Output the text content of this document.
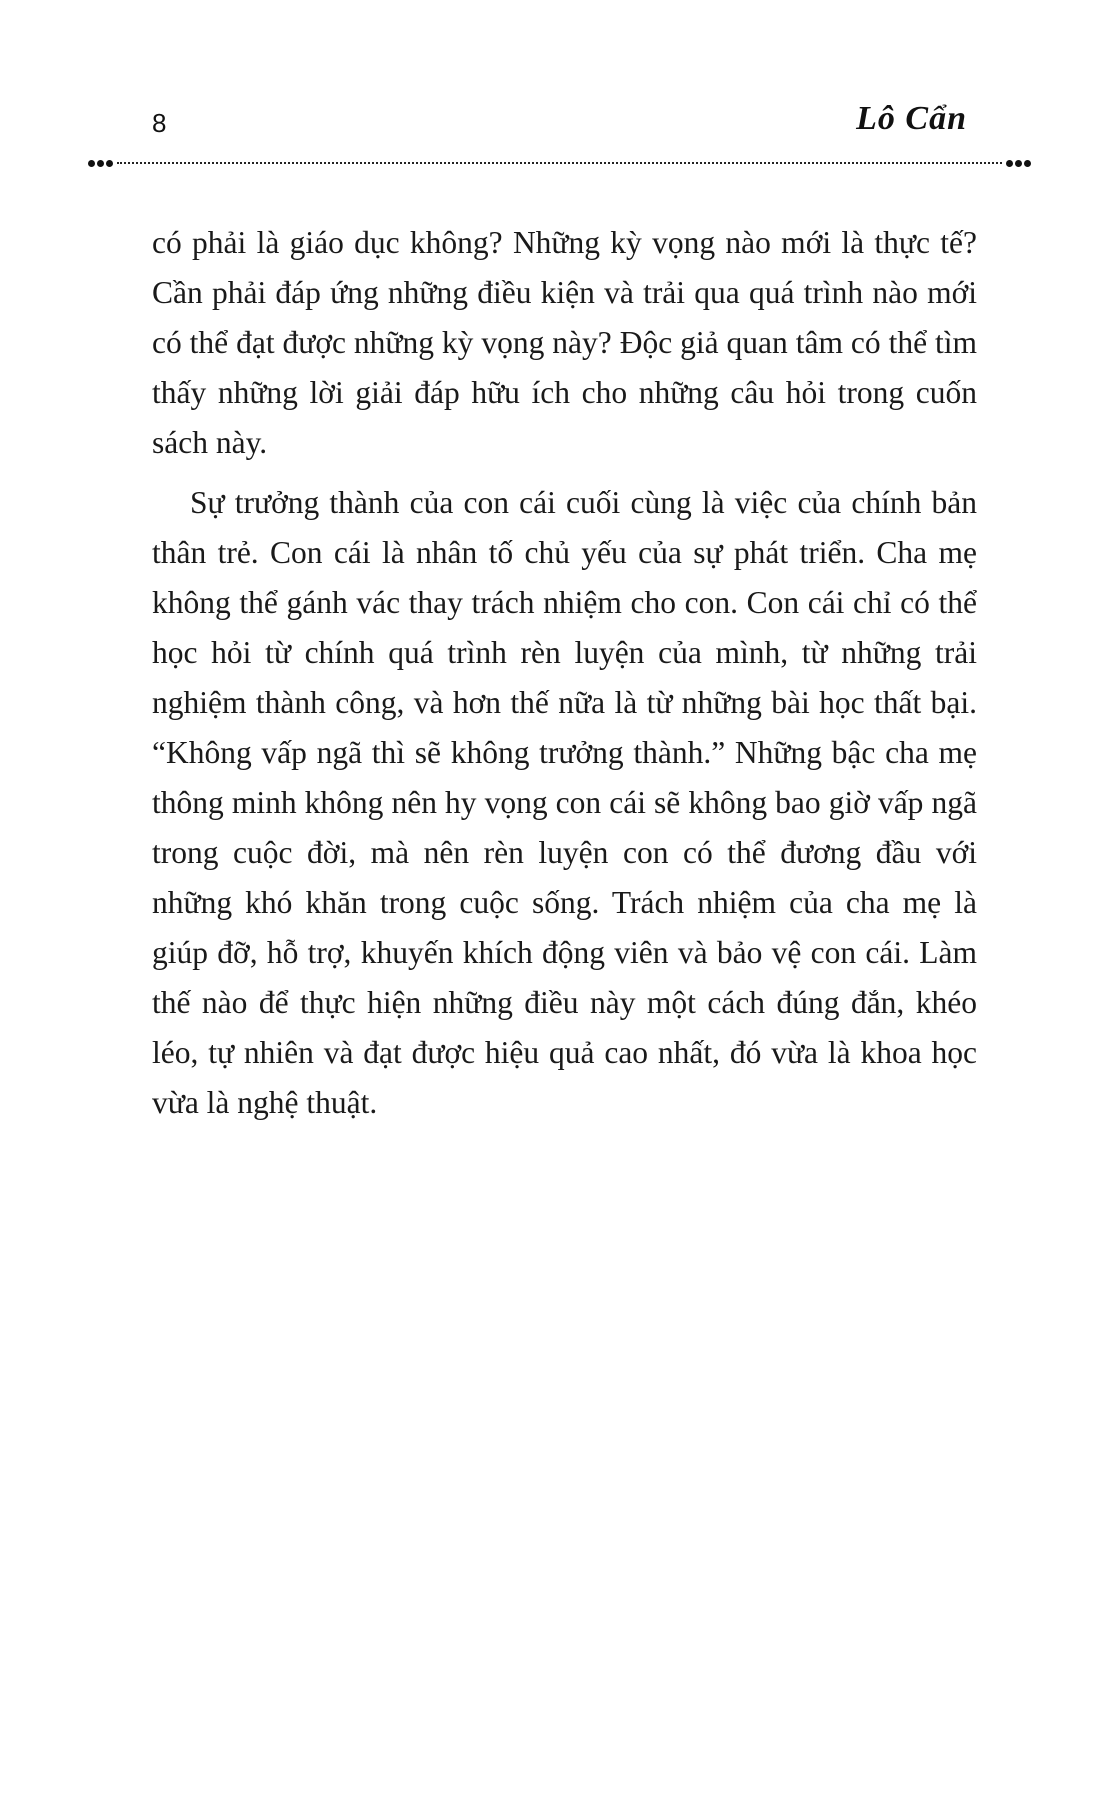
8	Lô Cẩn

có phải là giáo dục không? Những kỳ vọng nào mới là thực tế? Cần phải đáp ứng những điều kiện và trải qua quá trình nào mới có thể đạt được những kỳ vọng này? Độc giả quan tâm có thể tìm thấy những lời giải đáp hữu ích cho những câu hỏi trong cuốn sách này.

Sự trưởng thành của con cái cuối cùng là việc của chính bản thân trẻ. Con cái là nhân tố chủ yếu của sự phát triển. Cha mẹ không thể gánh vác thay trách nhiệm cho con. Con cái chỉ có thể học hỏi từ chính quá trình rèn luyện của mình, từ những trải nghiệm thành công, và hơn thế nữa là từ những bài học thất bại. “Không vấp ngã thì sẽ không trưởng thành.” Những bậc cha mẹ thông minh không nên hy vọng con cái sẽ không bao giờ vấp ngã trong cuộc đời, mà nên rèn luyện con có thể đương đầu với những khó khăn trong cuộc sống. Trách nhiệm của cha mẹ là giúp đỡ, hỗ trợ, khuyến khích động viên và bảo vệ con cái. Làm thế nào để thực hiện những điều này một cách đúng đắn, khéo léo, tự nhiên và đạt được hiệu quả cao nhất, đó vừa là khoa học vừa là nghệ thuật.
